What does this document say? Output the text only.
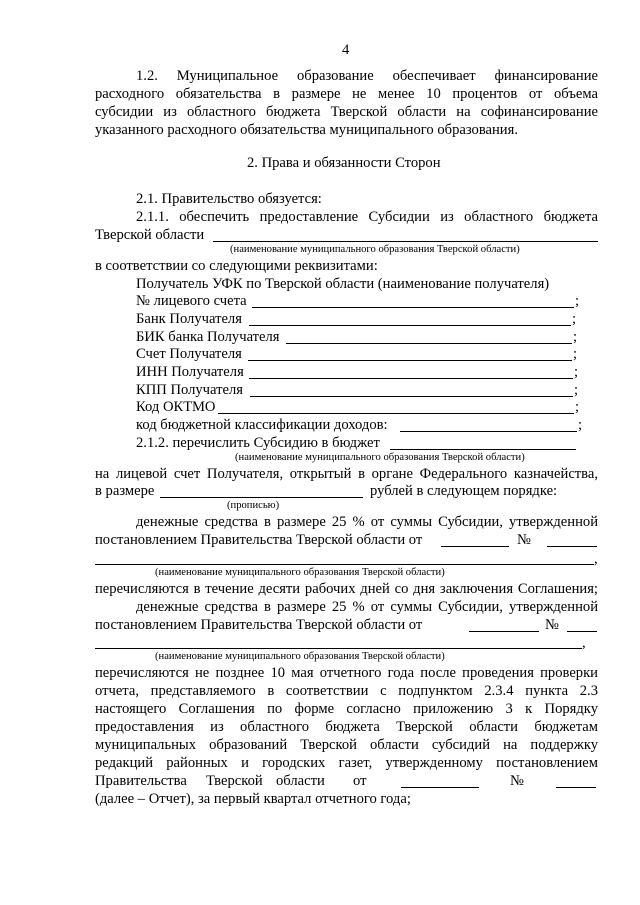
4
1.2. Муниципальное образование обеспечивает финансирование
расходного обязательства в размере не менее 10 процентов от объема
субсидии из областного бюджета Тверской области на софинансирование
указанного расходного обязательства муниципального образования.
2. Права и обязанности Сторон
2.1. Правительство обязуется:
2.1.1. обеспечить предоставление Субсидии из областного бюджета
Тверской области
(наименование муниципального образования Тверской области)
в соответствии со следующими реквизитами:
Получатель УФК по Тверской области (наименование получателя)
№ лицевого счета	;
Банк Получателя	;
БИК банка Получателя	;
Счет Получателя	;
ИНН Получателя	;
КПП Получателя	;
Код ОКТМО	;
код бюджетной классификации доходов:	;
2.1.2. перечислить Субсидию в бюджет
(наименование муниципального образования Тверской области)
на лицевой счет Получателя, открытый в органе Федерального казначейства,
в размере	рублей в следующем порядке:
(прописью)
денежные средства в размере 25 % от суммы Субсидии, утвержденной
постановлением Правительства Тверской области от	№
,
(наименование муниципального образования Тверской области)
перечисляются в течение десяти рабочих дней со дня заключения Соглашения;
денежные средства в размере 25 % от суммы Субсидии, утвержденной
постановлением Правительства Тверской области от	№
,
(наименование муниципального образования Тверской области)
перечисляются не позднее 10 мая отчетного года после проведения проверки
отчета, представляемого в соответствии с подпунктом 2.3.4 пункта 2.3
настоящего Соглашения по форме согласно приложению 3 к Порядку
предоставления из областного бюджета Тверской области бюджетам
муниципальных образований Тверской области субсидий на поддержку
редакций районных и городских газет, утвержденному постановлением
Правительства Тверской области от	№
(далее – Отчет), за первый квартал отчетного года;
